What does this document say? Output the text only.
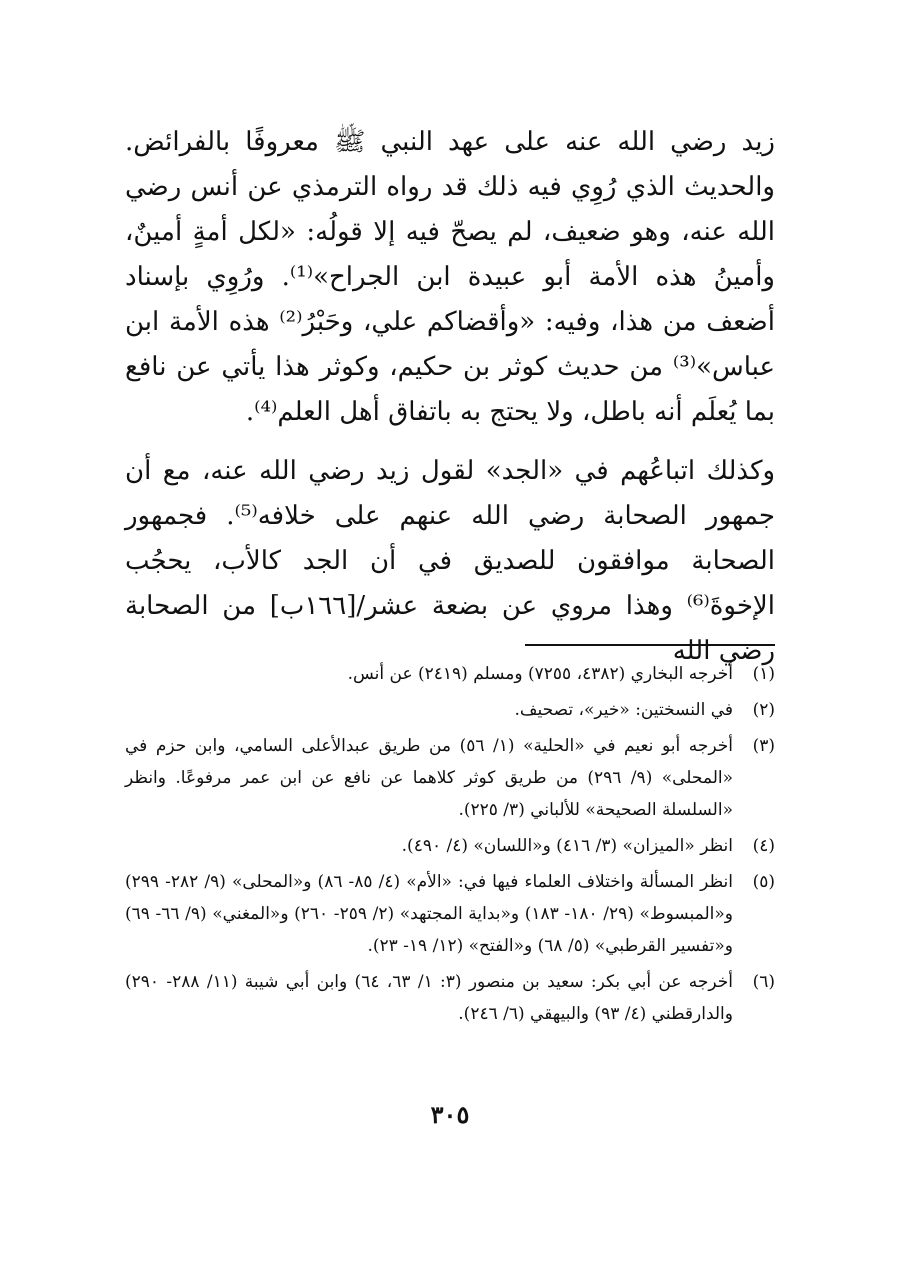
زيد رضي الله عنه على عهد النبي ﷺ معروفًا بالفرائض. والحديث الذي رُوِي فيه ذلك قد رواه الترمذي عن أنس رضي الله عنه، وهو ضعيف، لم يصحّ فيه إلا قولُه: «لكل أمةٍ أمينٌ، وأمينُ هذه الأمة أبو عبيدة ابن الجراح»⁽¹⁾. ورُوِي بإسناد أضعف من هذا، وفيه: «وأقضاكم علي، وحَبْرُ⁽²⁾ هذه الأمة ابن عباس»⁽³⁾ من حديث كوثر بن حكيم، وكوثر هذا يأتي عن نافع بما يُعلَم أنه باطل، ولا يحتج به باتفاق أهل العلم⁽⁴⁾.

وكذلك اتباعُهم في «الجد» لقول زيد رضي الله عنه، مع أن جمهور الصحابة رضي الله عنهم على خلافه⁽⁵⁾. فجمهور الصحابة موافقون للصديق في أن الجد كالأب، يحجُب الإخوةَ⁽⁶⁾ وهذا مروي عن بضعة عشر/[١٦٦ب] من الصحابة رضي الله

(١)
أخرجه البخاري (٤٣٨٢، ٧٢٥٥) ومسلم (٢٤١٩) عن أنس.
(٢)
في النسختين: «خير»، تصحيف.
(٣)
أخرجه أبو نعيم في «الحلية» (١/ ٥٦) من طريق عبدالأعلى السامي، وابن حزم في «المحلى» (٩/ ٢٩٦) من طريق كوثر كلاهما عن نافع عن ابن عمر مرفوعًا. وانظر «السلسلة الصحيحة» للألباني (٣/ ٢٢٥).
(٤)
انظر «الميزان» (٣/ ٤١٦) و«اللسان» (٤/ ٤٩٠).
(٥)
انظر المسألة واختلاف العلماء فيها في: «الأم» (٤/ ٨٥- ٨٦) و«المحلى» (٩/ ٢٨٢- ٢٩٩) و«المبسوط» (٢٩/ ١٨٠- ١٨٣) و«بداية المجتهد» (٢/ ٢٥٩- ٢٦٠) و«المغني» (٩/ ٦٦- ٦٩) و«تفسير القرطبي» (٥/ ٦٨) و«الفتح» (١٢/ ١٩- ٢٣).
(٦)
أخرجه عن أبي بكر: سعيد بن منصور (٣: ١/ ٦٣، ٦٤) وابن أبي شيبة (١١/ ٢٨٨- ٢٩٠) والدارقطني (٤/ ٩٣) والبيهقي (٦/ ٢٤٦).
٣٠٥
